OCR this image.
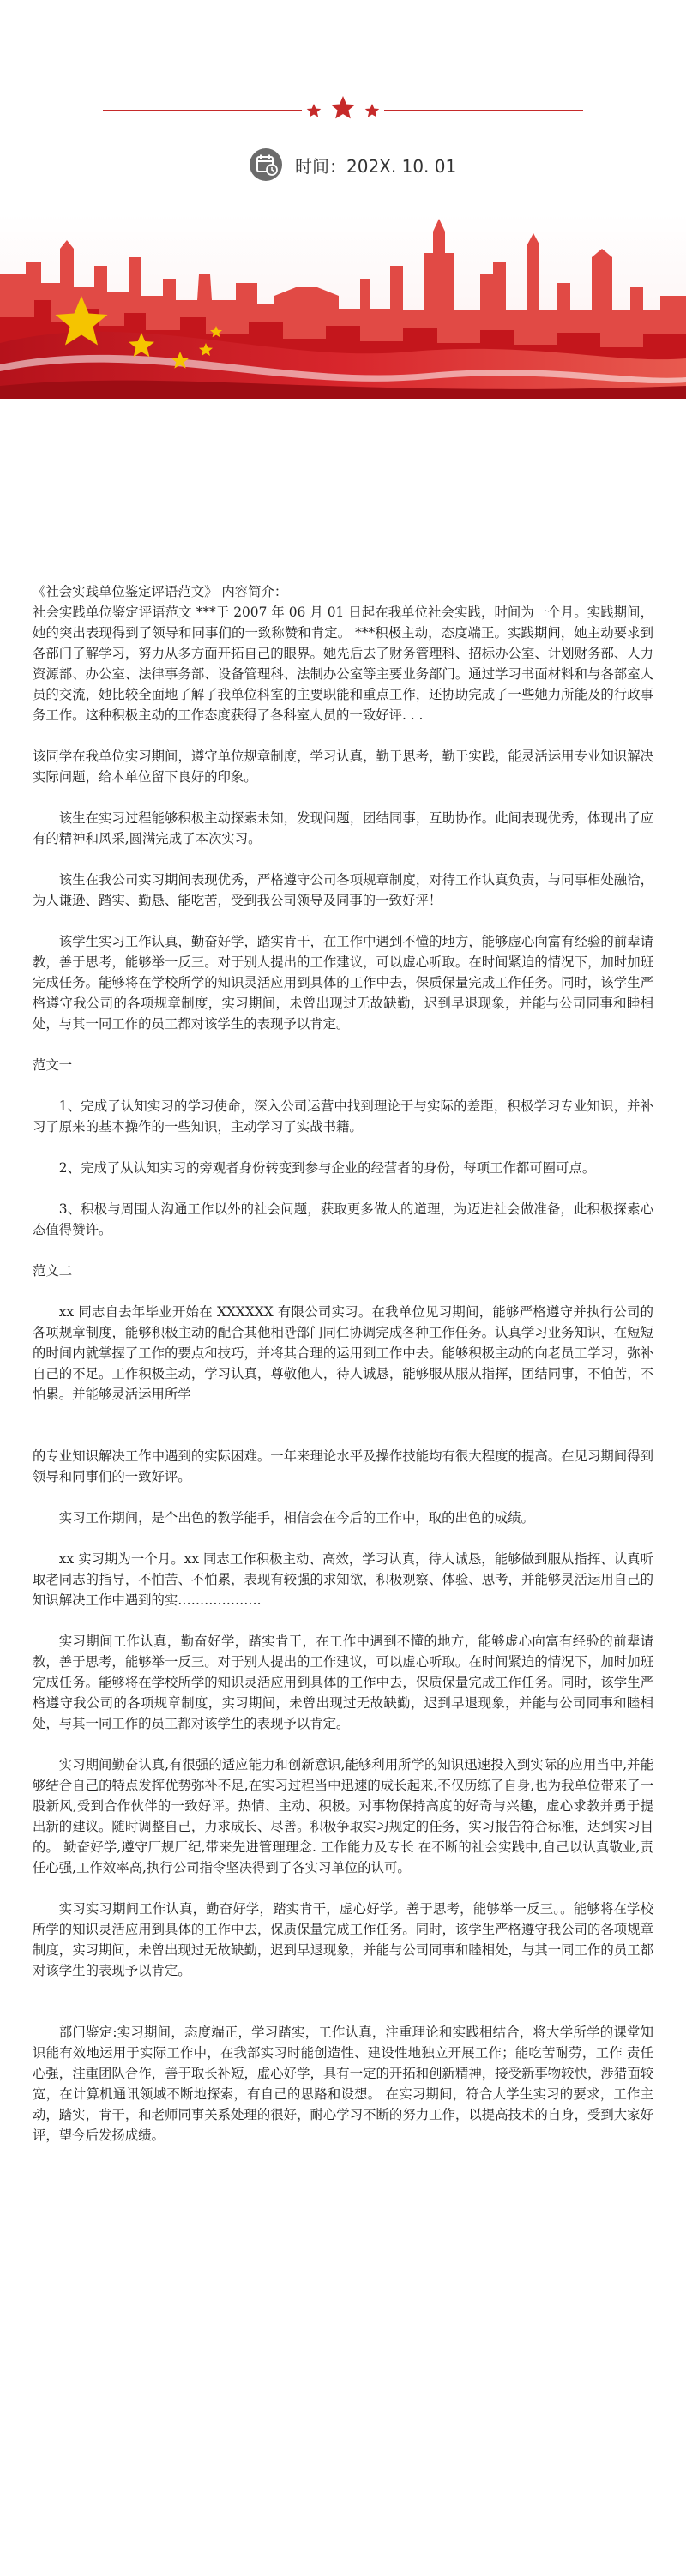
时间：202X. 10. 01

《社会实践单位鉴定评语范文》 内容简介：

社会实践单位鉴定评语范文 ***于 2007 年 06 月 01 日起在我单位社会实践，时间为一个月。实践期间，她的突出表现得到了领导和同事们的一致称赞和肯定。 ***积极主动，态度端正。实践期间，她主动要求到各部门了解学习，努力从多方面开拓自己的眼界。她先后去了财务管理科、招标办公室、计划财务部、人力资源部、办公室、法律事务部、设备管理科、法制办公室等主要业务部门。通过学习书面材料和与各部室人员的交流，她比较全面地了解了我单位科室的主要职能和重点工作，还协助完成了一些她力所能及的行政事务工作。这种积极主动的工作态度获得了各科室人员的一致好评. . .

该同学在我单位实习期间，遵守单位规章制度，学习认真，勤于思考，勤于实践，能灵活运用专业知识解决实际问题，给本单位留下良好的印象。

该生在实习过程能够积极主动探索未知，发现问题，团结同事，互助协作。此间表现优秀，体现出了应有的精神和风采,圆满完成了本次实习。

该生在我公司实习期间表现优秀，严格遵守公司各项规章制度，对待工作认真负责，与同事相处融洽，为人谦逊、踏实、勤恳、能吃苦，受到我公司领导及同事的一致好评！

该学生实习工作认真，勤奋好学，踏实肯干，在工作中遇到不懂的地方，能够虚心向富有经验的前辈请教，善于思考，能够举一反三。对于别人提出的工作建议，可以虚心听取。在时间紧迫的情况下，加时加班完成任务。能够将在学校所学的知识灵活应用到具体的工作中去，保质保量完成工作任务。同时，该学生严格遵守我公司的各项规章制度，实习期间，未曾出现过无故缺勤，迟到早退现象，并能与公司同事和睦相处，与其一同工作的员工都对该学生的表现予以肯定。

范文一

1、完成了认知实习的学习使命，深入公司运营中找到理论于与实际的差距，积极学习专业知识，并补习了原来的基本操作的一些知识，主动学习了实战书籍。

2、完成了从认知实习的旁观者身份转变到参与企业的经营者的身份，每项工作都可圈可点。

3、积极与周围人沟通工作以外的社会问题，获取更多做人的道理，为迈进社会做准备，此积极探索心态值得赞许。

范文二

xx 同志自去年毕业开始在 XXXXXX 有限公司实习。在我单位见习期间，能够严格遵守并执行公司的各项规章制度，能够积极主动的配合其他相관部门同仁协调完成各种工作任务。认真学习业务知识，在短短的时间内就掌握了工作的要点和技巧，并将其合理的运用到工作中去。能够积极主动的向老员工学习，弥补自己的不足。工作积极主动，学习认真，尊敬他人，待人诚恳，能够服从服从指挥，团结同事，不怕苦，不怕累。并能够灵活运用所学

的专业知识解决工作中遇到的实际困难。一年来理论水平及操作技能均有很大程度的提高。在见习期间得到领导和同事们的一致好评。

实习工作期间，是个出色的教学能手，相信会在今后的工作中，取的出色的成绩。

xx 实习期为一个月。xx 同志工作积极主动、高效，学习认真，待人诚恳，能够做到服从指挥、认真听取老同志的指导，不怕苦、不怕累，表现有较强的求知欲，积极观察、体验、思考，并能够灵活运用自己的知识解决工作中遇到的实……………….

实习期间工作认真，勤奋好学，踏实肯干，在工作中遇到不懂的地方，能够虚心向富有经验的前辈请教，善于思考，能够举一反三。对于别人提出的工作建议，可以虚心听取。在时间紧迫的情况下，加时加班完成任务。能够将在学校所学的知识灵活应用到具体的工作中去，保质保量完成工作任务。同时，该学生严格遵守我公司的各项规章制度，实习期间，未曾出现过无故缺勤，迟到早退现象，并能与公司同事和睦相处，与其一同工作的员工都对该学生的表现予以肯定。

实习期间勤奋认真,有很强的适应能力和创新意识,能够利用所学的知识迅速投入到实际的应用当中,并能够结合自己的特点发挥优势弥补不足,在实习过程当中迅速的成长起来,不仅历练了自身,也为我单位带来了一股新风,受到合作伙伴的一致好评。热情、主动、积极。对事物保持高度的好奇与兴趣，虚心求教并勇于提出新的建议。随时调整自己，力求成长、尽善。积极争取实习规定的任务，实习报告符合标准，达到实习目的。 勤奋好学,遵守厂规厂纪,带来先进管理理念. 工作能力及专长 在不断的社会实践中,自己以认真敬业,责任心强,工作效率高,执行公司指令坚决得到了各实习单位的认可。

实习实习期间工作认真，勤奋好学，踏实肯干，虚心好学。善于思考，能够举一反三。。能够将在学校所学的知识灵活应用到具体的工作中去，保质保量完成工作任务。同时，该学生严格遵守我公司的各项规章制度，实习期间，未曾出现过无故缺勤，迟到早退现象，并能与公司同事和睦相处，与其一同工作的员工都对该学生的表现予以肯定。

部门鉴定:实习期间，态度端正，学习踏实，工作认真，注重理论和实践相结合，将大学所学的课堂知识能有效地运用于实际工作中，在我部实习时能创造性、建设性地独立开展工作；能吃苦耐劳，工作 责任心强，注重团队合作，善于取长补短，虚心好学，具有一定的开拓和创新精神，接受新事物较快，涉猎面较宽，在计算机通讯领域不断地探索，有自己的思路和设想。 在实习期间，符合大学生实习的要求，工作主动，踏实，肯干，和老师同事关系处理的很好，耐心学习不断的努力工作，以提高技术的自身，受到大家好评，望今后发扬成绩。
